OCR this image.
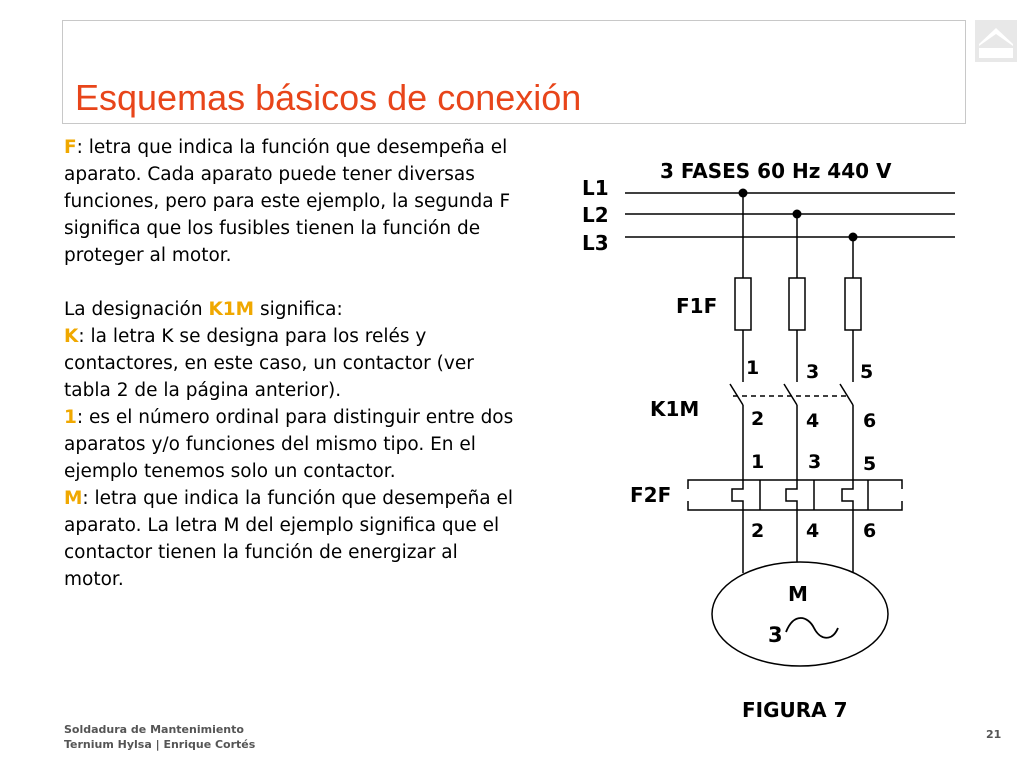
Esquemas básicos de conexión

F: letra que indica la función que desempeña el aparato. Cada aparato puede tener diversas funciones, pero para este ejemplo, la segunda F significa que los fusibles tienen la función de proteger al motor.

La designación K1M significa:

K: la letra K se designa para los relés y contactores, en este caso, un contactor (ver tabla 2 de la página anterior).

1: es el número ordinal para distinguir entre dos aparatos y/o funciones del mismo tipo. En el ejemplo tenemos solo un contactor.

M: letra que indica la función que desempeña el aparato. La letra M del ejemplo significa que el contactor tienen la función de energizar al motor.

3 FASES 60 Hz 440 V
L1
L2
L3
F1F
1 3 5
K1M	2 4 6
1 3 5
F2F
2 4 6
M
3
FIGURA 7
Soldadura de Mantenimiento
Ternium Hylsa | Enrique Cortés
21
